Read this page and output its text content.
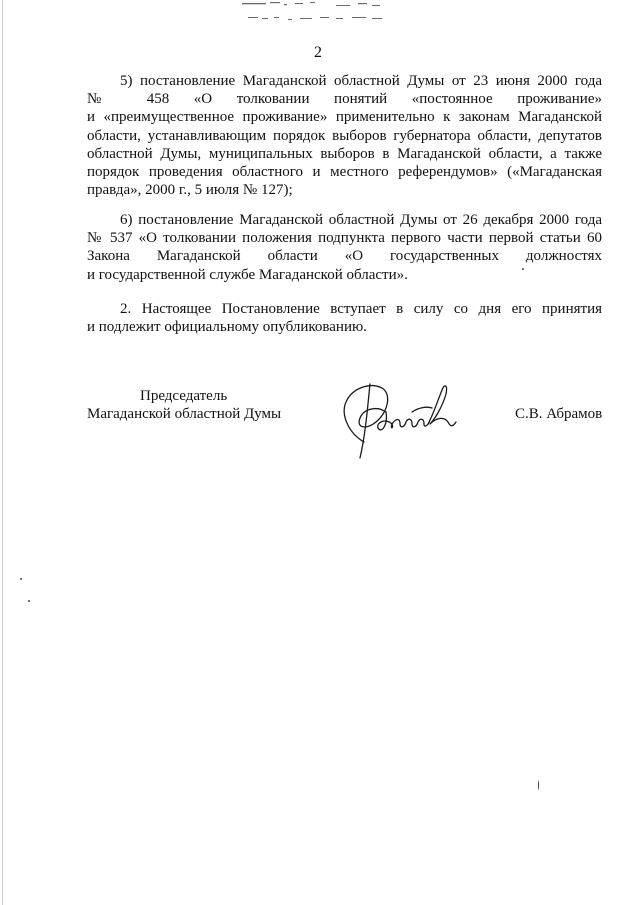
2
5) постановление Магаданской областной Думы от 23 июня 2000 года
№ 458 «О толковании понятий «постоянное проживание»
и «преимущественное проживание» применительно к законам Магаданской
области, устанавливающим порядок выборов губернатора области, депутатов
областной Думы, муниципальных выборов в Магаданской области, а также
порядок проведения областного и местного референдумов» («Магаданская
правда», 2000 г., 5 июля № 127);
6) постановление Магаданской областной Думы от 26 декабря 2000 года
№ 537 «О толковании положения подпункта первого части первой статьи 60
Закона Магаданской области «О государственных должностях
и государственной службе Магаданской области».
2. Настоящее Постановление вступает в силу со дня его принятия
и подлежит официальному опубликованию.
Председатель
Магаданской областной Думы	С.В. Абрамов
